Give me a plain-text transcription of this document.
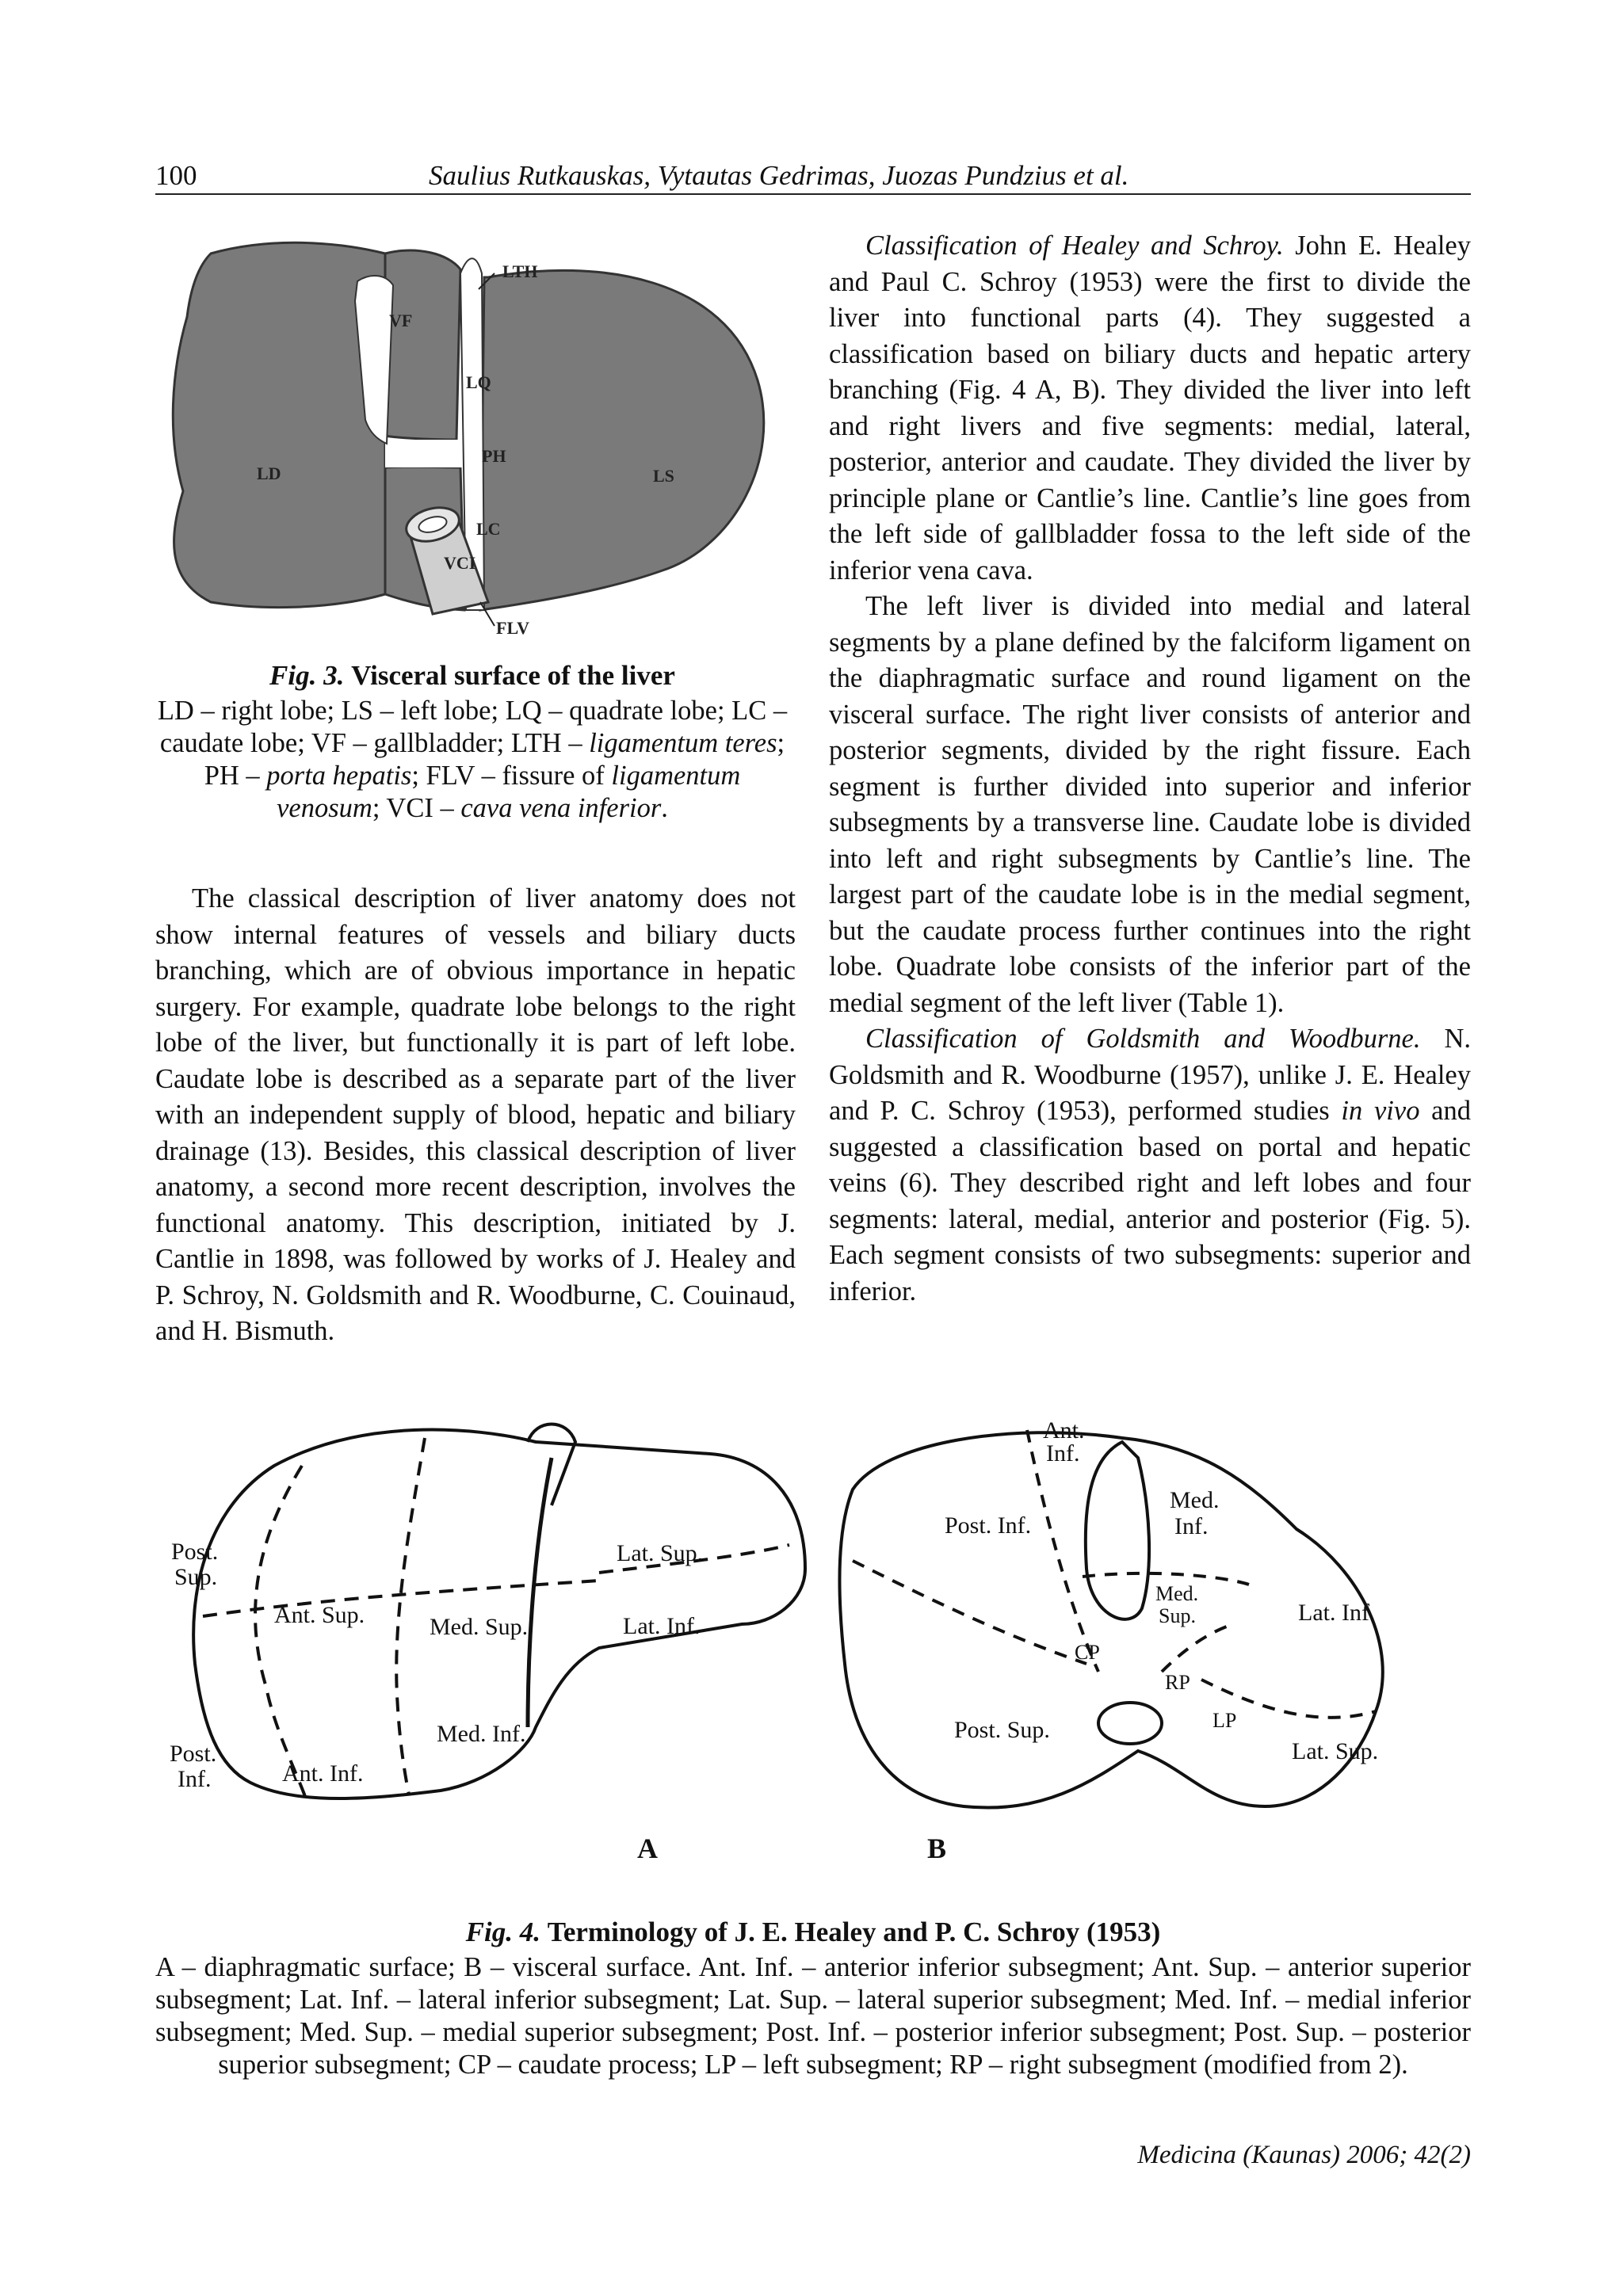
100	Saulius Rutkauskas, Vytautas Gedrimas, Juozas Pundzius et al.
LD	LS
LQ
LC
VF
LTH
PH
FLV
VCI
Fig. 3. Visceral surface of the liver
LD – right lobe; LS – left lobe; LQ – quadrate lobe; LC – caudate lobe; VF – gallbladder; LTH – ligamentum teres; PH – porta hepatis; FLV – fissure of ligamentum venosum; VCI – cava vena inferior.

The classical description of liver anatomy does not show internal features of vessels and biliary ducts branching, which are of obvious importance in hepatic surgery. For example, quadrate lobe belongs to the right lobe of the liver, but functionally it is part of left lobe. Caudate lobe is described as a separate part of the liver with an independent supply of blood, hepatic and biliary drainage (13). Besides, this classical description of liver anatomy, a second more recent description, involves the functional anatomy. This description, initiated by J. Cantlie in 1898, was followed by works of J. Healey and P. Schroy, N. Goldsmith and R. Woodburne, C. Couinaud, and H. Bismuth.

Classification of Healey and Schroy. John E. Healey and Paul C. Schroy (1953) were the first to divide the liver into functional parts (4). They suggested a classification based on biliary ducts and hepatic artery branching (Fig. 4 A, B). They divided the liver into left and right livers and five segments: medial, lateral, posterior, anterior and caudate. They divided the liver by principle plane or Cantlie’s line. Cantlie’s line goes from the left side of gallbladder fossa to the left side of the inferior vena cava.

The left liver is divided into medial and lateral segments by a plane defined by the falciform ligament on the diaphragmatic surface and round ligament on the visceral surface. The right liver consists of anterior and posterior segments, divided by the right fissure. Each segment is further divided into superior and inferior subsegments by a transverse line. Caudate lobe is divided into left and right subsegments by Cantlie’s line. The largest part of the caudate lobe is in the medial segment, but the caudate process further continues into the right lobe. Quadrate lobe consists of the inferior part of the medial segment of the left liver (Table 1).

Classification of Goldsmith and Woodburne. N. Goldsmith and R. Woodburne (1957), unlike J. E. Healey and P. C. Schroy (1953), performed studies in vivo and suggested a classification based on portal and hepatic veins (6). They described right and left lobes and four segments: lateral, medial, anterior and posterior (Fig. 5). Each segment consists of two subsegments: superior and inferior.

Post.
Sup.
Ant. Sup.	Med. Sup.
Lat. Sup.
Lat. Inf.
Post.
Inf.	Ant. Inf.
Med. Inf.
A
Ant.
Inf.
Med.
Inf.
Post. Inf.
Med.
Sup.	Lat. Inf.
CP
RP
LP
Post. Sup.
Lat. Sup.
B
Fig. 4. Terminology of J. E. Healey and P. C. Schroy (1953)
A – diaphragmatic surface; B – visceral surface. Ant. Inf. – anterior inferior subsegment; Ant. Sup. – anterior superior subsegment; Lat. Inf. – lateral inferior subsegment; Lat. Sup. – lateral superior subsegment; Med. Inf. – medial inferior subsegment; Med. Sup. – medial superior subsegment; Post. Inf. – posterior inferior subsegment; Post. Sup. – posterior superior subsegment; CP – caudate process; LP – left subsegment; RP – right subsegment (modified from 2).
Medicina (Kaunas) 2006; 42(2)
